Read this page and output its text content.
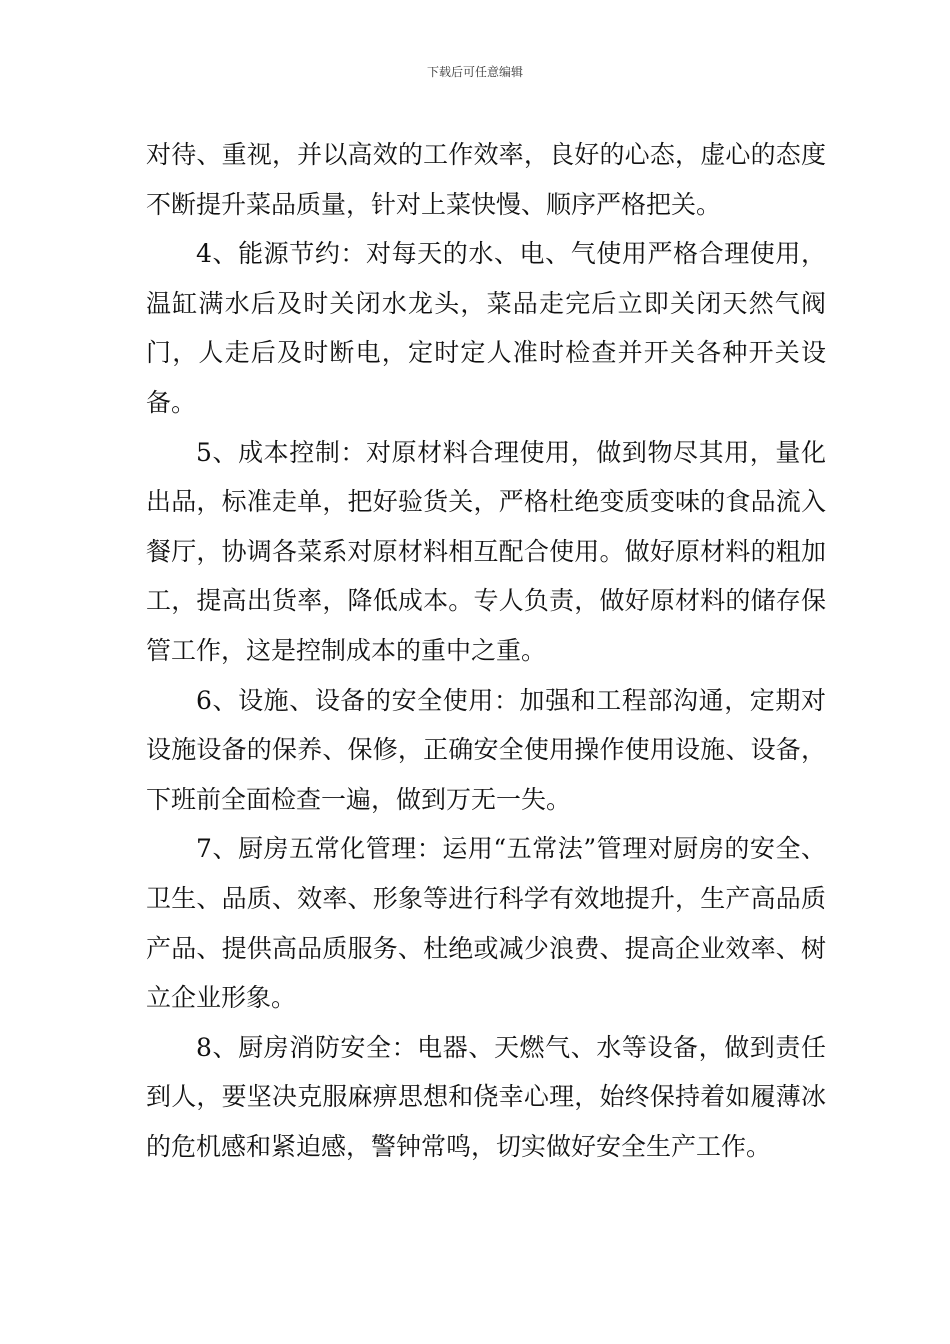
下载后可任意编辑

对待、重视，并以高效的工作效率，良好的心态，虚心的态度不断提升菜品质量，针对上菜快慢、顺序严格把关。

4、能源节约：对每天的水、电、气使用严格合理使用，温缸满水后及时关闭水龙头，菜品走完后立即关闭天然气阀门，人走后及时断电，定时定人准时检查并开关各种开关设备。

5、成本控制：对原材料合理使用，做到物尽其用，量化出品，标准走单，把好验货关，严格杜绝变质变味的食品流入餐厅，协调各菜系对原材料相互配合使用。做好原材料的粗加工，提高出货率，降低成本。专人负责，做好原材料的储存保管工作，这是控制成本的重中之重。

6、设施、设备的安全使用：加强和工程部沟通，定期对设施设备的保养、保修，正确安全使用操作使用设施、设备，下班前全面检查一遍，做到万无一失。

7、厨房五常化管理：运用“五常法”管理对厨房的安全、卫生、品质、效率、形象等进行科学有效地提升，生产高品质产品、提供高品质服务、杜绝或减少浪费、提高企业效率、树立企业形象。

8、厨房消防安全：电器、天燃气、水等设备，做到责任到人，要坚决克服麻痹思想和侥幸心理，始终保持着如履薄冰的危机感和紧迫感，警钟常鸣，切实做好安全生产工作。
